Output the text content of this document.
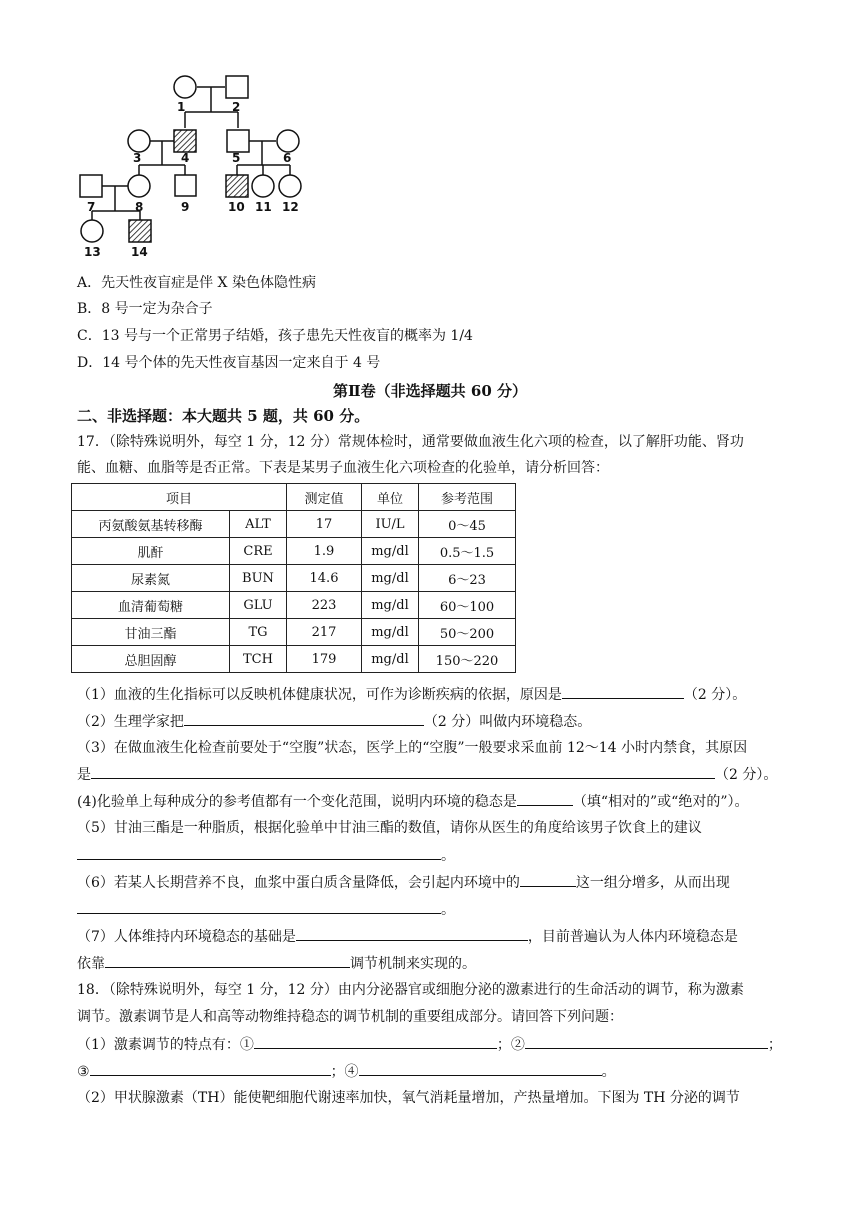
1	2
3	4	5	6
7	8	9	10 11 12
13	14
A．先天性夜盲症是伴 X 染色体隐性病
B．8 号一定为杂合子
C．13 号与一个正常男子结婚，孩子患先天性夜盲的概率为 1/4
D．14 号个体的先天性夜盲基因一定来自于 4 号
第Ⅱ卷（非选择题共 60 分）
二、非选择题：本大题共 5 题，共 60 分。
17．（除特殊说明外，每空 1 分，12 分）常规体检时，通常要做血液生化六项的检查，以了解肝功能、肾功
能、血糖、血脂等是否正常。下表是某男子血液生化六项检查的化验单，请分析回答：
项目		测定值	单位	参考范围
丙氨酸氨基转移酶	ALT	17	IU/L	0～45
肌酐	CRE	1.9	mg/dl	0.5～1.5
尿素氮	BUN	14.6	mg/dl	6～23
血清葡萄糖	GLU	223	mg/dl	60～100
甘油三酯	TG	217	mg/dl	50～200
总胆固醇	TCH	179	mg/dl	150～220
（1）血液的生化指标可以反映机体健康状况，可作为诊断疾病的依据，原因是	（2 分）。
（2）生理学家把	（2 分）叫做内环境稳态。
（3）在做血液生化检查前要处于“空腹”状态，医学上的“空腹”一般要求采血前 12～14 小时内禁食，其原因
是	（2 分）。
(4)化验单上每种成分的参考值都有一个变化范围，说明内环境的稳态是	（填“相对的”或“绝对的”）。
（5）甘油三酯是一种脂质，根据化验单中甘油三酯的数值，请你从医生的角度给该男子饮食上的建议
。
（6）若某人长期营养不良，血浆中蛋白质含量降低，会引起内环境中的	这一组分增多，从而出现
。
（7）人体维持内环境稳态的基础是	，目前普遍认为人体内环境稳态是
依靠	调节机制来实现的。
18．（除特殊说明外，每空 1 分，12 分）由内分泌器官或细胞分泌的激素进行的生命活动的调节，称为激素
调节。激素调节是人和高等动物维持稳态的调节机制的重要组成部分。请回答下列问题：
（1）激素调节的特点有：①	；②	；
③	；④	。
（2）甲状腺激素（TH）能使靶细胞代谢速率加快，氧气消耗量增加，产热量增加。下图为 TH 分泌的调节
